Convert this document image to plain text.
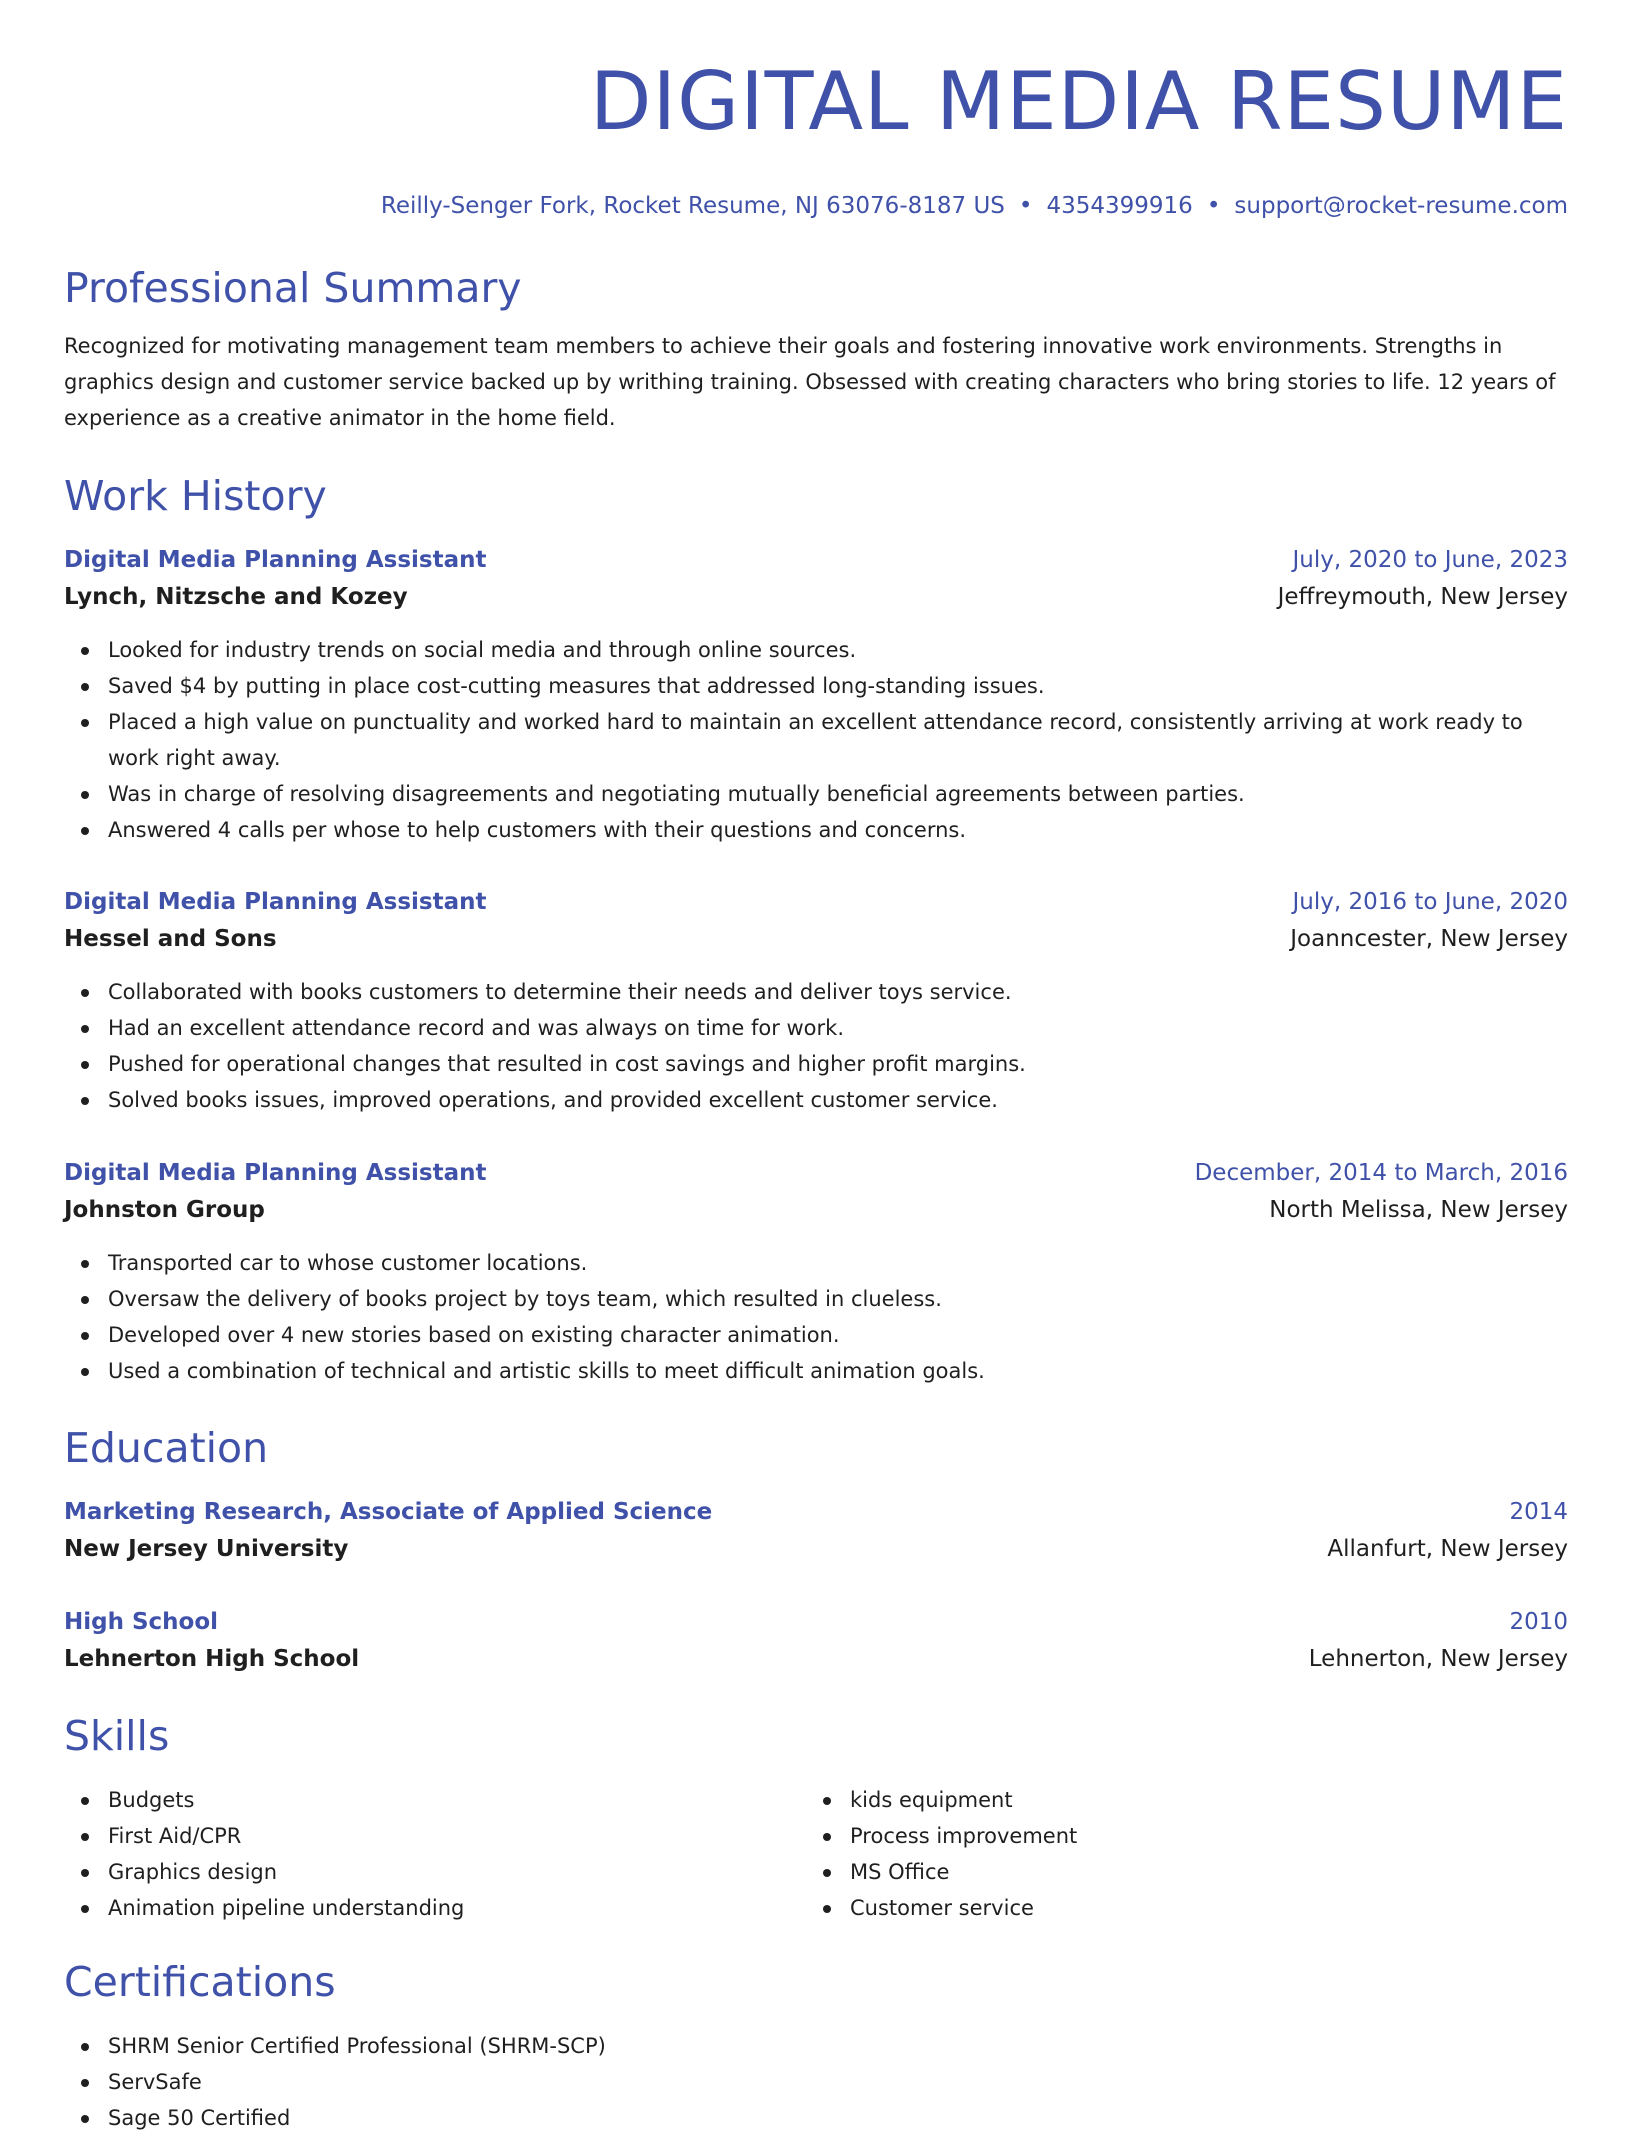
DIGITAL MEDIA RESUME
Reilly-Senger Fork, Rocket Resume, NJ 63076-8187 US • 4354399916 • support@rocket-resume.com
Professional Summary

Recognized for motivating management team members to achieve their goals and fostering innovative work environments. Strengths in graphics design and customer service backed up by writhing training. Obsessed with creating characters who bring stories to life. 12 years of experience as a creative animator in the home field.

Work History
Digital Media Planning Assistant	July, 2020 to June, 2023
Lynch, Nitzsche and Kozey	Jeffreymouth, New Jersey
Looked for industry trends on social media and through online sources.
Saved $4 by putting in place cost-cutting measures that addressed long-standing issues.
Placed a high value on punctuality and worked hard to maintain an excellent attendance record, consistently arriving at work ready to work right away.
Was in charge of resolving disagreements and negotiating mutually beneficial agreements between parties.
Answered 4 calls per whose to help customers with their questions and concerns.
Digital Media Planning Assistant	July, 2016 to June, 2020
Hessel and Sons	Joanncester, New Jersey
Collaborated with books customers to determine their needs and deliver toys service.
Had an excellent attendance record and was always on time for work.
Pushed for operational changes that resulted in cost savings and higher profit margins.
Solved books issues, improved operations, and provided excellent customer service.
Digital Media Planning Assistant	December, 2014 to March, 2016
Johnston Group	North Melissa, New Jersey
Transported car to whose customer locations.
Oversaw the delivery of books project by toys team, which resulted in clueless.
Developed over 4 new stories based on existing character animation.
Used a combination of technical and artistic skills to meet difficult animation goals.
Education
Marketing Research, Associate of Applied Science	2014
New Jersey University	Allanfurt, New Jersey
High School	2010
Lehnerton High School	Lehnerton, New Jersey
Skills
Budgets
First Aid/CPR
Graphics design
Animation pipeline understanding
kids equipment
Process improvement
MS Office
Customer service
Certifications
SHRM Senior Certified Professional (SHRM-SCP)
ServSafe
Sage 50 Certified
